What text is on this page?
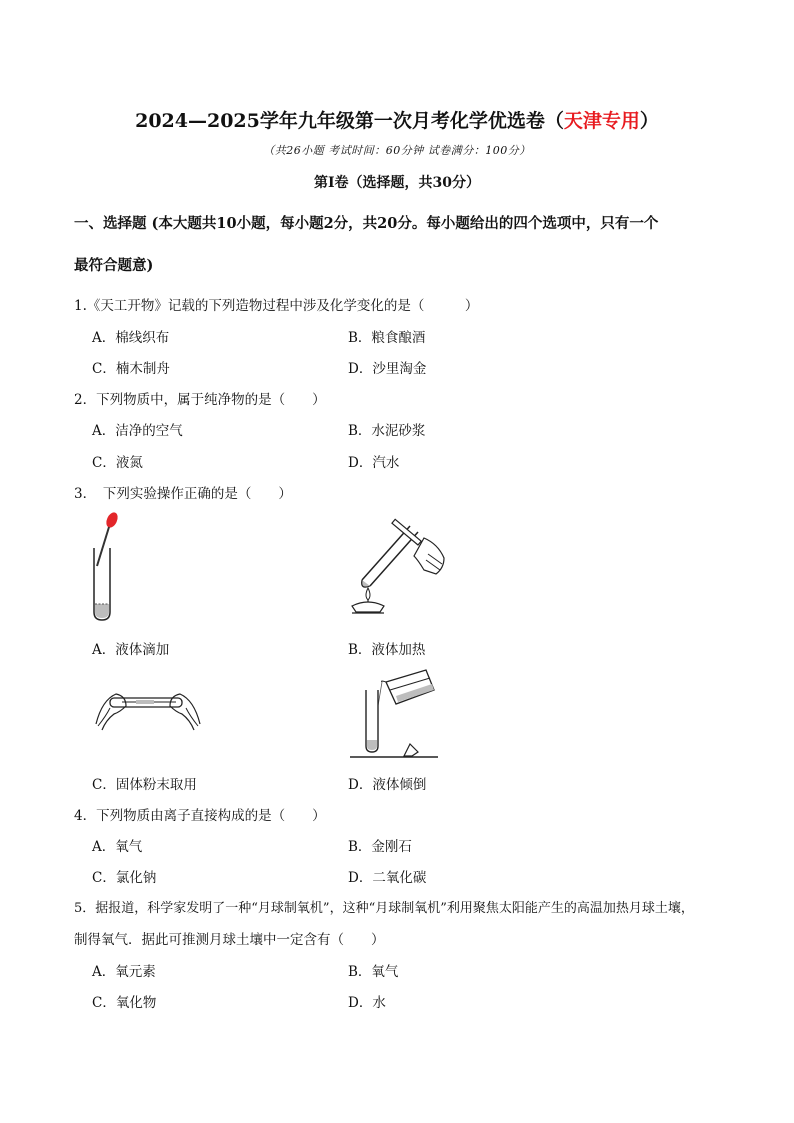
2024—2025学年九年级第一次月考化学优选卷（天津专用）
（共26小题 考试时间：60分钟 试卷满分：100分）
第Ⅰ卷（选择题，共30分）
一、选择题 (本大题共10小题，每小题2分，共20分。每小题给出的四个选项中，只有一个
最符合题意)
1.《天工开物》记载的下列造物过程中涉及化学变化的是（　　　）
A．棉线织布	B．粮食酿酒
C．楠木制舟	D．沙里淘金
2．下列物质中，属于纯净物的是（　　）
A．洁净的空气	B．水泥砂浆
C．液氮	D．汽水
3．　下列实验操作正确的是（　　）
A．液体滴加	B．液体加热
C．固体粉末取用	D．液体倾倒
4．下列物质由离子直接构成的是（　　）
A．氧气	B．金刚石
C．氯化钠	D．二氧化碳
5．据报道，科学家发明了一种“月球制氧机”，这种“月球制氧机”利用聚焦太阳能产生的高温加热月球土壤，
制得氧气．据此可推测月球土壤中一定含有（　　）
A．氧元素	B．氧气
C．氧化物	D．水
